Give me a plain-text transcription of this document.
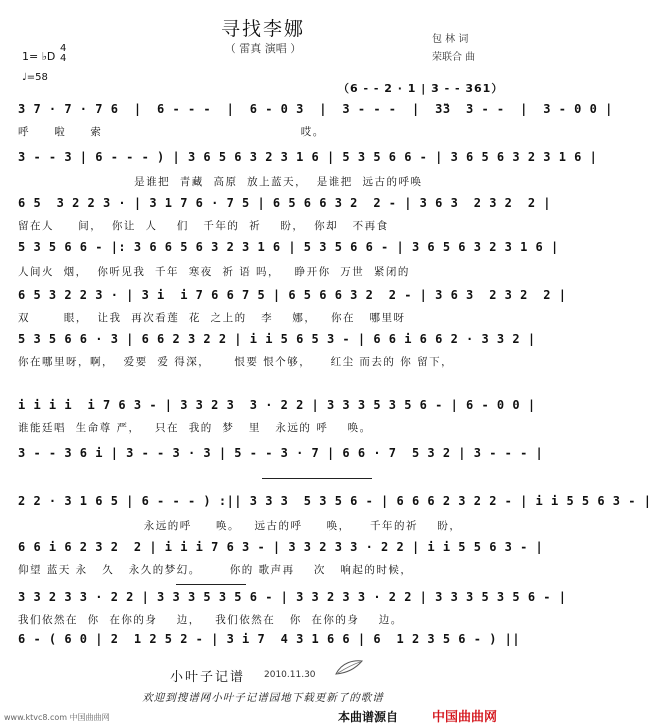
寻找李娜
（ 雷真 演唱 ）
包 林 词
荣联合 曲
1= ♭D
4
4
♩=58
（6 - - 2 · 1 | 3 - - 361）
3 7 · 7 · 7 6  |  6 - - -  |  6 - 0 3  |  3 - - -  |  3̈3  3 - -  |  3 - 0 0 |
呼     啦     索                                         哎。
3 - - 3 | 6 - - - ) | 3 6 5 6 3 2 3 1 6 | 5 3 5 6 6 - | 3 6 5 6 3 2 3 1 6 |
是谁把  青藏  高原  放上蓝天，  是谁把  远古的呼唤
6 5  3 2 2 3 · | 3 1 7 6 · 7 5 | 6 5 6 6 3 2  2 - | 3 6 3  2 3 2  2 |
留在人     间，  你让  人    们   千年的  祈    盼，  你却   不再食
5 3 5 6 6 - |: 3 6 6 5 6 3 2 3 1 6 | 5 3 5 6 6 - | 3 6 5 6 3 2 3 1 6 |
人间火  烟，  你听见我  千年  寒夜  祈 语 吗，   睁开你  万世  紧闭的
6 5 3 2 2 3 · | 3 i  i 7 6 6 7 5 | 6 5 6 6 3 2  2 - | 3 6 3  2 3 2  2 |
双       眼，  让我  再次看莲  花  之上的   李    娜，   你在   哪里呀
5 3 5 6 6 · 3 | 6 6 2 3 2 2 | i i 5 6 5 3 - | 6 6 i 6 6 2 · 3 3 2 |
你在哪里呀，啊，  爱要  爱 得深，     恨要 恨个够，    红尘 而去的 你 留下，
i i i i  i 7 6 3 - | 3 3 2 3  3 · 2 2 | 3 3 3 5 3 5 6 - | 6 - 0 0 |
谁能廷唱  生命尊 严，   只在  我的  梦   里   永远的 呼    唤。
3 - - 3 6 i | 3 - - 3 · 3 | 5 - - 3 · 7 | 6 6 · 7  5 3 2 | 3 - - - |
2 2 · 3 1 6 5 | 6 - - - ) :|| 3 3 3  5 3 5 6 - | 6 6 6 2 3 2 2 - | i i 5 5 6 3 - |
永远的呼     唤。   远古的呼     唤，    千年的祈    盼，
6 6 i 6 2 3 2  2 | i i i 7 6 3 - | 3 3 2 3 3 · 2 2 | i i 5 5 6 3 - |
仰望 蓝天 永   久   永久的梦幻。      你的 歌声再    次   响起的时候，
3 3 2 3 3 · 2 2 | 3 3 3 5 3 5 6 - | 3 3 2 3 3 · 2 2 | 3 3 3 5 3 5 6 - |
我们依然在  你  在你的身    边，   我们依然在   你  在你的身    边。
6 - ( 6 0 | 2  1 2 5 2 - | 3 i 7  4 3 1 6 6 | 6  1 2 3 5 6 - ) ||
小叶子记谱 2010.11.30
欢迎到搜谱网小叶子记谱园地下载更新了的歌谱
www.ktvc8.com 中国曲曲网	本曲谱源自	中国曲曲网
